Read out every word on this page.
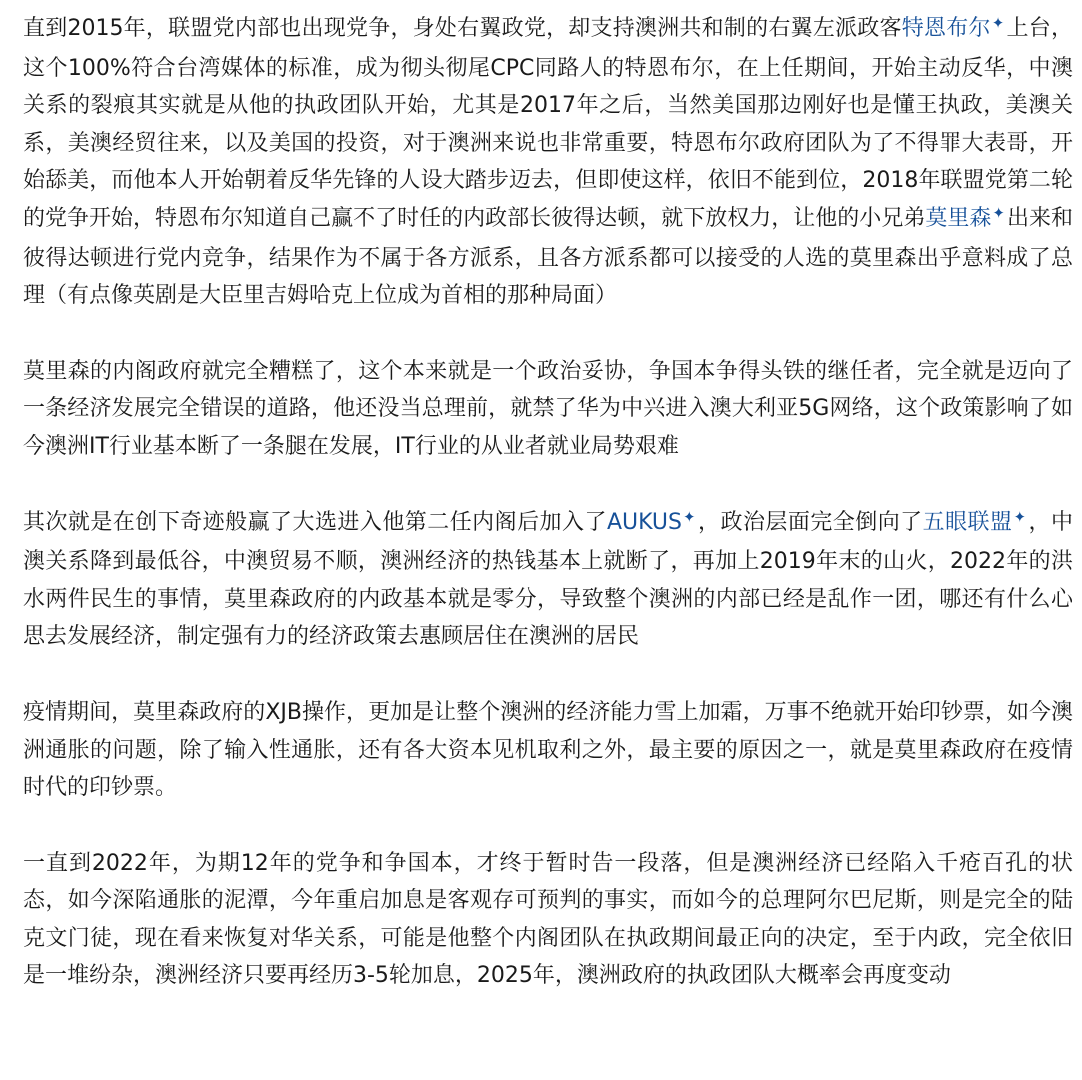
直到2015年，联盟党内部也出现党争，身处右翼政党，却支持澳洲共和制的右翼左派政客特恩布尔✦上台，这个100%符合台湾媒体的标准，成为彻头彻尾CPC同路人的特恩布尔，在上任期间，开始主动反华，中澳关系的裂痕其实就是从他的执政团队开始，尤其是2017年之后，当然美国那边刚好也是懂王执政，美澳关系，美澳经贸往来，以及美国的投资，对于澳洲来说也非常重要，特恩布尔政府团队为了不得罪大表哥，开始舔美，而他本人开始朝着反华先锋的人设大踏步迈去，但即使这样，依旧不能到位，2018年联盟党第二轮的党争开始，特恩布尔知道自己赢不了时任的内政部长彼得达顿，就下放权力，让他的小兄弟莫里森✦出来和彼得达顿进行党内竞争，结果作为不属于各方派系，且各方派系都可以接受的人选的莫里森出乎意料成了总理（有点像英剧是大臣里吉姆哈克上位成为首相的那种局面）

莫里森的内阁政府就完全糟糕了，这个本来就是一个政治妥协，争国本争得头铁的继任者，完全就是迈向了一条经济发展完全错误的道路，他还没当总理前，就禁了华为中兴进入澳大利亚5G网络，这个政策影响了如今澳洲IT行业基本断了一条腿在发展，IT行业的从业者就业局势艰难

其次就是在创下奇迹般赢了大选进入他第二任内阁后加入了AUKUS✦，政治层面完全倒向了五眼联盟✦，中澳关系降到最低谷，中澳贸易不顺，澳洲经济的热钱基本上就断了，再加上2019年末的山火，2022年的洪水两件民生的事情，莫里森政府的内政基本就是零分，导致整个澳洲的内部已经是乱作一团，哪还有什么心思去发展经济，制定强有力的经济政策去惠顾居住在澳洲的居民

疫情期间，莫里森政府的XJB操作，更加是让整个澳洲的经济能力雪上加霜，万事不绝就开始印钞票，如今澳洲通胀的问题，除了输入性通胀，还有各大资本见机取利之外，最主要的原因之一，就是莫里森政府在疫情时代的印钞票。

一直到2022年，为期12年的党争和争国本，才终于暂时告一段落，但是澳洲经济已经陷入千疮百孔的状态，如今深陷通胀的泥潭，今年重启加息是客观存可预判的事实，而如今的总理阿尔巴尼斯，则是完全的陆克文门徒，现在看来恢复对华关系，可能是他整个内阁团队在执政期间最正向的决定，至于内政，完全依旧是一堆纷杂，澳洲经济只要再经历3-5轮加息，2025年，澳洲政府的执政团队大概率会再度变动
